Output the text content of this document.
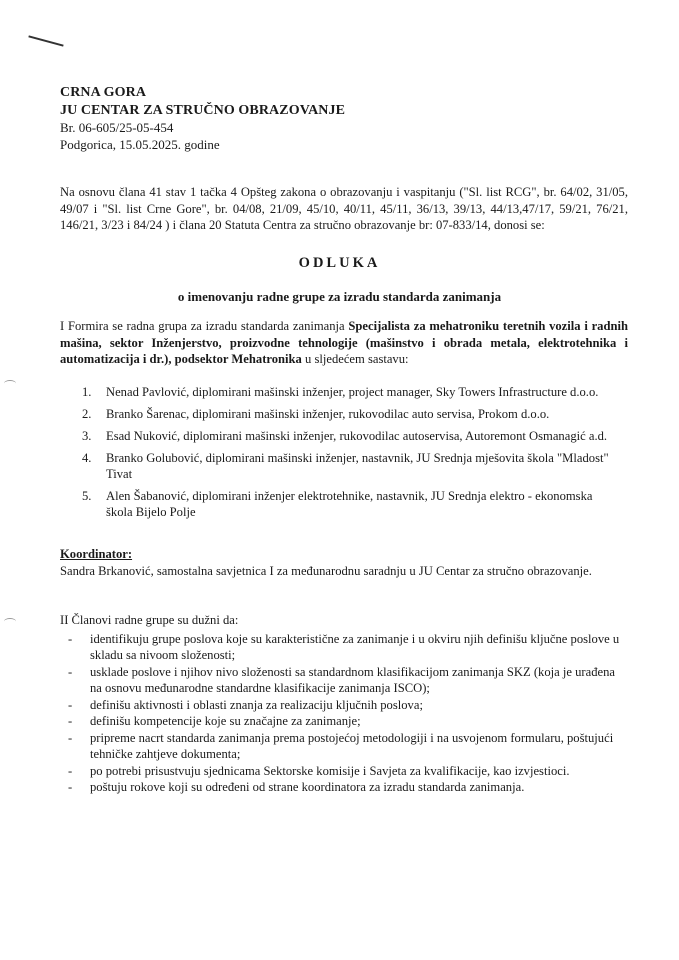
CRNA GORA
JU CENTAR ZA STRUČNO OBRAZOVANJE
Br. 06-605/25-05-454
Podgorica, 15.05.2025. godine
Na osnovu člana 41 stav 1 tačka 4 Opšteg zakona o obrazovanju i vaspitanju ("Sl. list RCG", br. 64/02, 31/05, 49/07 i "Sl. list Crne Gore", br. 04/08, 21/09, 45/10, 40/11, 45/11, 36/13, 39/13, 44/13,47/17, 59/21, 76/21, 146/21, 3/23 i 84/24 ) i člana 20 Statuta Centra za stručno obrazovanje br: 07-833/14, donosi se:
ODLUKA
o imenovanju radne grupe za izradu standarda zanimanja
I Formira se radna grupa za izradu standarda zanimanja Specijalista za mehatroniku teretnih vozila i radnih mašina, sektor Inženjerstvo, proizvodne tehnologije (mašinstvo i obrada metala, elektrotehnika i automatizacija i dr.), podsektor Mehatronika u sljedećem sastavu:
1.	Nenad Pavlović, diplomirani mašinski inženjer, project manager, Sky Towers Infrastructure d.o.o.
2.	Branko Šarenac, diplomirani mašinski inženjer, rukovodilac auto servisa, Prokom d.o.o.
3.	Esad Nuković, diplomirani mašinski inženjer, rukovodilac autoservisa, Autoremont Osmanagić a.d.
4.	Branko Golubović, diplomirani mašinski inženjer, nastavnik, JU Srednja mješovita škola "Mladost" Tivat
5.	Alen Šabanović, diplomirani inženjer elektrotehnike, nastavnik, JU Srednja elektro - ekonomska škola Bijelo Polje
Koordinator:
Sandra Brkanović, samostalna savjetnica I za međunarodnu saradnju u JU Centar za stručno obrazovanje.
II Članovi radne grupe su dužni da:
-	identifikuju grupe poslova koje su karakteristične za zanimanje i u okviru njih definišu ključne poslove u skladu sa nivoom složenosti;
-	usklade poslove i njihov nivo složenosti sa standardnom klasifikacijom zanimanja SKZ (koja je urađena na osnovu međunarodne standardne klasifikacije zanimanja ISCO);
-	definišu aktivnosti i oblasti znanja za realizaciju ključnih poslova;
-	definišu kompetencije koje su značajne za zanimanje;
-	pripreme nacrt standarda zanimanja prema postojećoj metodologiji i na usvojenom formularu, poštujući tehničke zahtjeve dokumenta;
-	po potrebi prisustvuju sjednicama Sektorske komisije i Savjeta za kvalifikacije, kao izvjestioci.
-	poštuju rokove koji su određeni od strane koordinatora za izradu standarda zanimanja.
